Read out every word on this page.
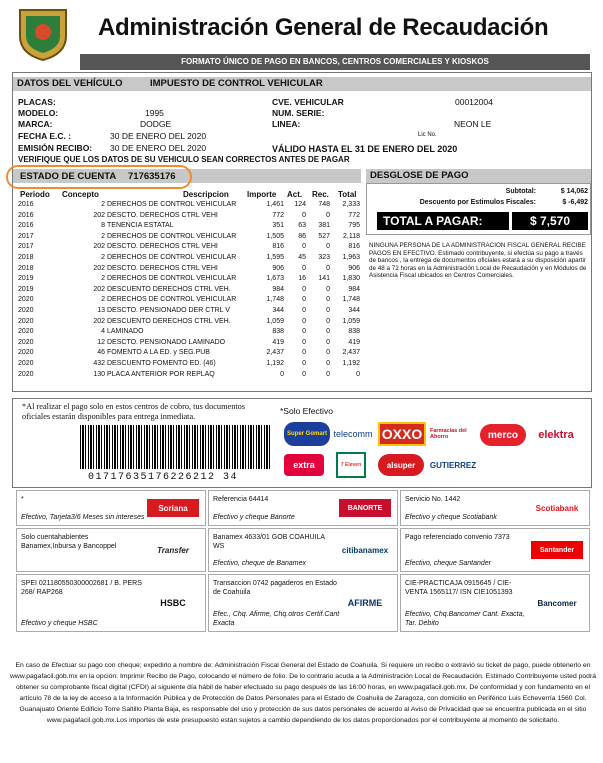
Administración General de Recaudación
FORMATO ÚNICO DE PAGO EN BANCOS, CENTROS COMERCIALES Y KIOSKOS
DATOS DEL VEHÍCULO	IMPUESTO DE CONTROL VEHICULAR
PLACAS:
MODELO:	1995
MARCA:	DODGE
FECHA E.C. :	30 DE ENERO DEL 2020
EMISIÓN RECIBO: 30 DE ENERO DEL 2020
CVE. VEHICULAR	00012004
NUM. SERIE:
LINEA:	NEON LE
Lic No.
VÁLIDO HASTA EL 31 DE ENERO DEL 2020
VERIFIQUE QUE LOS DATOS DE SU VEHICULO SEAN CORRECTOS ANTES DE PAGAR
ESTADO DE CUENTA 717635176
Periodo Concepto	Descripcion Importe Act. Rec. Total
2016	2 DERECHOS DE CONTROL VEHICULAR	1,461	124	748	2,333
2016	202 DESCTO. DERECHOS CTRL VEHI	772	0	0	772
2016	8 TENENCIA ESTATAL	351	63	381	795
2017	2 DERECHOS DE CONTROL VEHICULAR	1,505	86	527	2,118
2017	202 DESCTO. DERECHOS CTRL VEHI	816	0	0	816
2018	2 DERECHOS DE CONTROL VEHICULAR	1,595	45	323	1,963
2018	202 DESCTO. DERECHOS CTRL VEHI	906	0	0	906
2019	2 DERECHOS DE CONTROL VEHICULAR	1,673	16	141	1,830
2019	202 DESCUENTO DERECHOS CTRL VEH.	984	0	0	984
2020	2 DERECHOS DE CONTROL VEHICULAR	1,748	0	0	1,748
2020	13 DESCTO. PENSIONADO DER CTRL V	344	0	0	344
2020	202 DESCUENTO DERECHOS CTRL VEH.	1,059	0	0	1,059
2020	4 LAMINADO	838	0	0	838
2020	12 DESCTO. PENSIONADO LAMINADO	419	0	0	419
2020	46 FOMENTO A LA ED. y SEG.PUB	2,437	0	0	2,437
2020	432 DESCUENTO FOMENTO ED. (46)	1,192	0	0	1,192
2020	130 PLACA ANTERIOR POR REPLAQ	0	0	0	0
DESGLOSE DE PAGO
Subtotal:	$ 14,062
Descuento por Estimulos Fiscales:	$ -6,492
TOTAL A PAGAR:	$ 7,570
NINGUNA PERSONA DE LA ADMINISTRACION FISCAL GENERAL RECIBE PAGOS EN EFECTIVO. Estimado contribuyente, si efectúa su pago a través de bancos , la entrega de documentos oficiales estará a su disposición apartir de 48 a 72 horas en la Administración Local de Recaudación y en Módulos de Asistencia Fiscal ubicados en Centros Comerciales.
*Al realizar el pago solo en estos centros de cobro, tus documentos oficiales estarán disponibles para entrega inmediata.
01717635176226212 34
*Solo Efectivo
Super Gomart telecomm OXXO	Farmacias del Ahorro	merco	elektra
extra	7 Eleven	alsuper	GUTIERREZ
*
Efectivo, Tarjeta3/6 Meses sin intereses
Soriana
Referencia 64414
Efectivo y cheque Banorte
BANORTE
Servicio No. 1442
Efectivo y cheque Scotiabank
Scotiabank
Solo cuentahabientes Banamex,Inbursa y Bancoppel	Transfer
Banamex 4633/01 GOB COAHUILA WS
Efectivo, cheque de Banamex
citibanamex
Pago referenciado convenio 7373
Efectivo, cheque Santander
Santander
SPEI 021180550300002681 / B. PERS 268/ RAP268
Efectivo y cheque HSBC
HSBC
Transaccion 0742 pagaderos en Estado de Coahuila
Efec., Chq. Afirme, Chq.otros Certif.Cant Exacta
AFIRME
CIE-PRACTICAJA 0915645 / CIE-VENTA 1565117/ ISN CIE1051393
Efectivo, Chq.Bancomer Cant. Exacta, Tar. Debito
Bancomer
En caso de Efectuar su pago con cheque; expedirlo a nombre de: Administración Fiscal General del Estado de Coahuila. Si requiere un recibo o extravió su ticket de pago, puede obtenerlo en www.pagafacil.gob.mx en la opción: Imprimir Recibo de Pago, colocando el número de folio. De lo contrario acuda a la Administración Local de Recaudación. Estimado Contribuyente usted podrá obtener su comprobante fiscal digital (CFDI) al siguiente día hábil de haber efectuado su pago después de las 16:00 horas, en www.pagafacil.gob.mx. De conformidad y con fundamento en el artículo 78 de la ley de acceso a la Información Pública y de Protección de Datos Personales para el Estado de Coahuila de Zaragoza, con domicilio en Periférico Luis Echeverría 1560 Col. Guanajuato Oriente Edificio Torre Saltillo Planta Baja, es responsable del uso y protección de sus datos personales de acuerdo al Aviso de Privacidad que se encuentra publicada en el sitio www.pagafacil.gob.mx.Los importes de este presupuesto están sujetos a cambio dependiendo de los datos proporcionados por el contribuyente al momento de solicitarlo.
